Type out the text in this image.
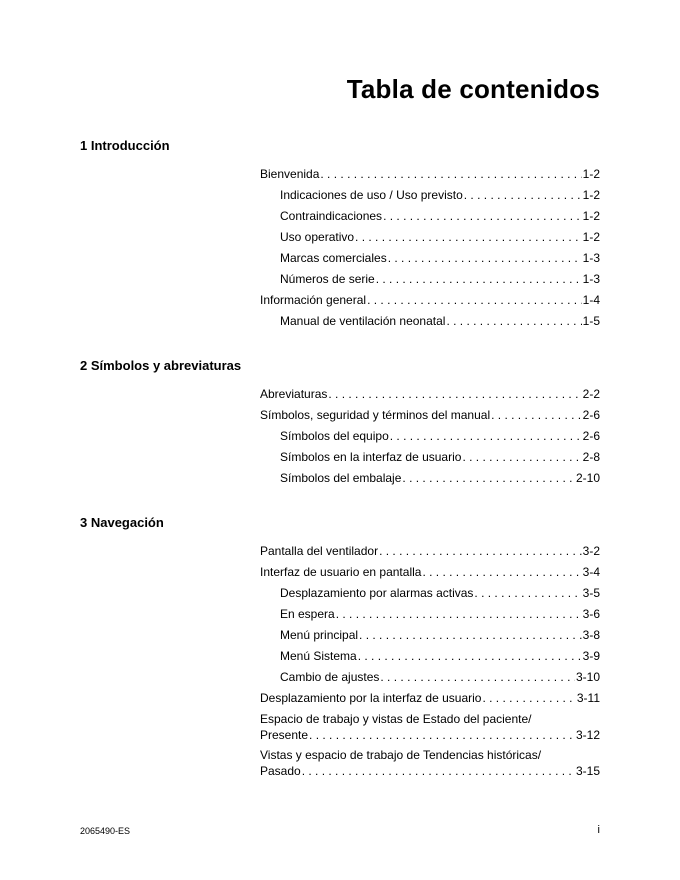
Tabla de contenidos
1 Introducción
Bienvenida . . .	1-2
Indicaciones de uso / Uso previsto . . .	1-2
Contraindicaciones . . .	1-2
Uso operativo . . .	1-2
Marcas comerciales . . .	1-3
Números de serie . . .	1-3
Información general . . .	1-4
Manual de ventilación neonatal . . .	1-5
2 Símbolos y abreviaturas
Abreviaturas . . .	2-2
Símbolos, seguridad y términos del manual . . .	2-6
Símbolos del equipo . . .	2-6
Símbolos en la interfaz de usuario . . .	2-8
Símbolos del embalaje . . .	2-10
3 Navegación
Pantalla del ventilador . . .	3-2
Interfaz de usuario en pantalla . . .	3-4
Desplazamiento por alarmas activas . . .	3-5
En espera . . .	3-6
Menú principal . . .	3-8
Menú Sistema . . .	3-9
Cambio de ajustes . . .	3-10
Desplazamiento por la interfaz de usuario . . .	3-11
Espacio de trabajo y vistas de Estado del paciente/
Presente . . .	3-12
Vistas y espacio de trabajo de Tendencias históricas/
Pasado . . .	3-15
2065490-ES	i
